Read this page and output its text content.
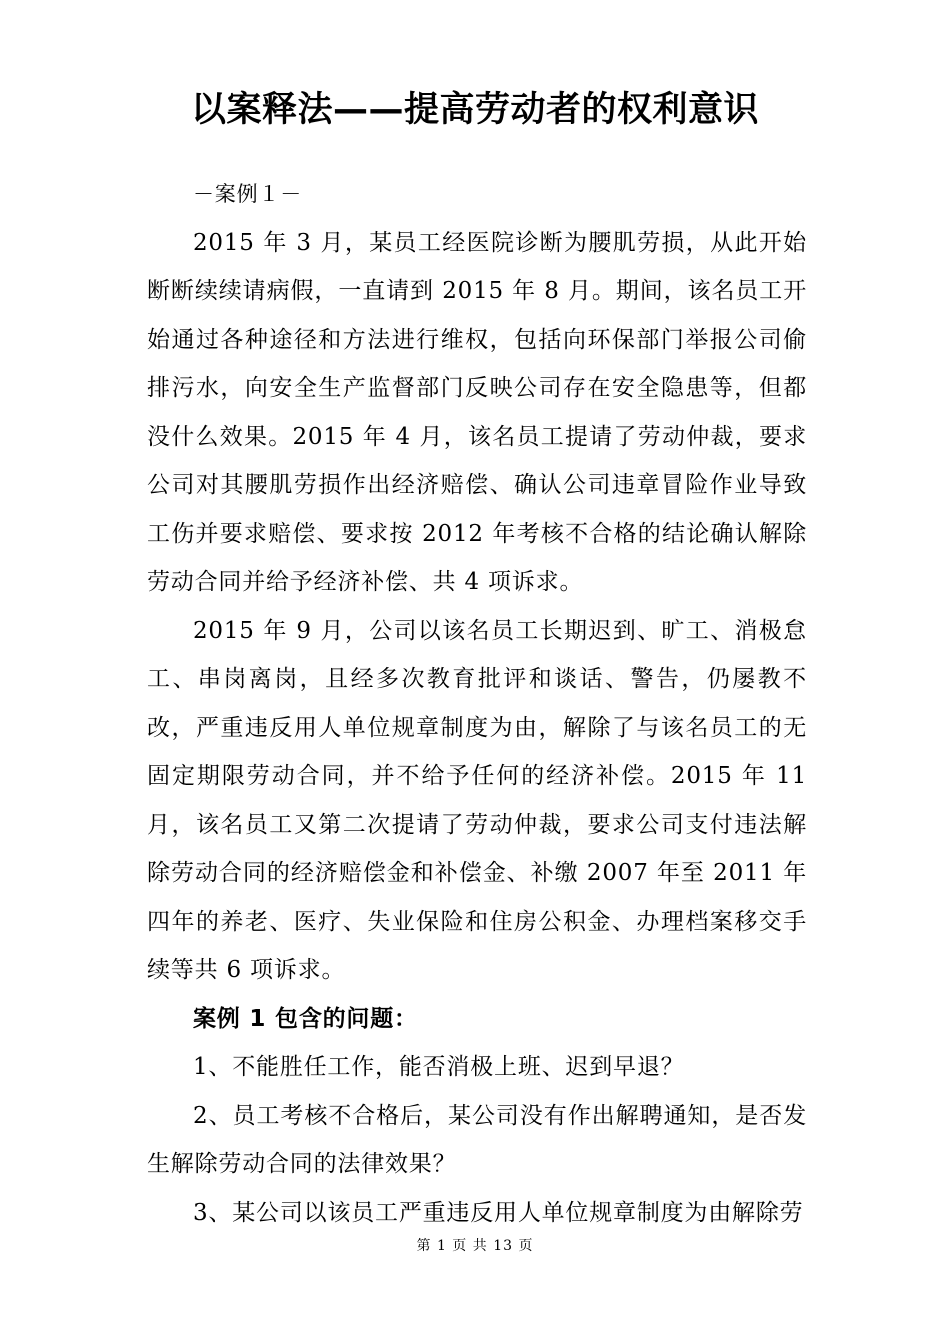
以案释法——提高劳动者的权利意识

－案例１－

2015 年 3 月，某员工经医院诊断为腰肌劳损，从此开始断断续续请病假，一直请到 2015 年 8 月。期间，该名员工开始通过各种途径和方法进行维权，包括向环保部门举报公司偷排污水，向安全生产监督部门反映公司存在安全隐患等，但都没什么效果。2015 年 4 月，该名员工提请了劳动仲裁，要求公司对其腰肌劳损作出经济赔偿、确认公司违章冒险作业导致工伤并要求赔偿、要求按 2012 年考核不合格的结论确认解除劳动合同并给予经济补偿、共 4 项诉求。

2015 年 9 月，公司以该名员工长期迟到、旷工、消极怠工、串岗离岗，且经多次教育批评和谈话、警告，仍屡教不改，严重违反用人单位规章制度为由，解除了与该名员工的无固定期限劳动合同，并不给予任何的经济补偿。2015 年 11 月，该名员工又第二次提请了劳动仲裁，要求公司支付违法解除劳动合同的经济赔偿金和补偿金、补缴 2007 年至 2011 年四年的养老、医疗、失业保险和住房公积金、办理档案移交手续等共 6 项诉求。

案例 1 包含的问题：

1、不能胜任工作，能否消极上班、迟到早退？

2、员工考核不合格后，某公司没有作出解聘通知，是否发生解除劳动合同的法律效果？

3、某公司以该员工严重违反用人单位规章制度为由解除劳

第 1 页 共 13 页
